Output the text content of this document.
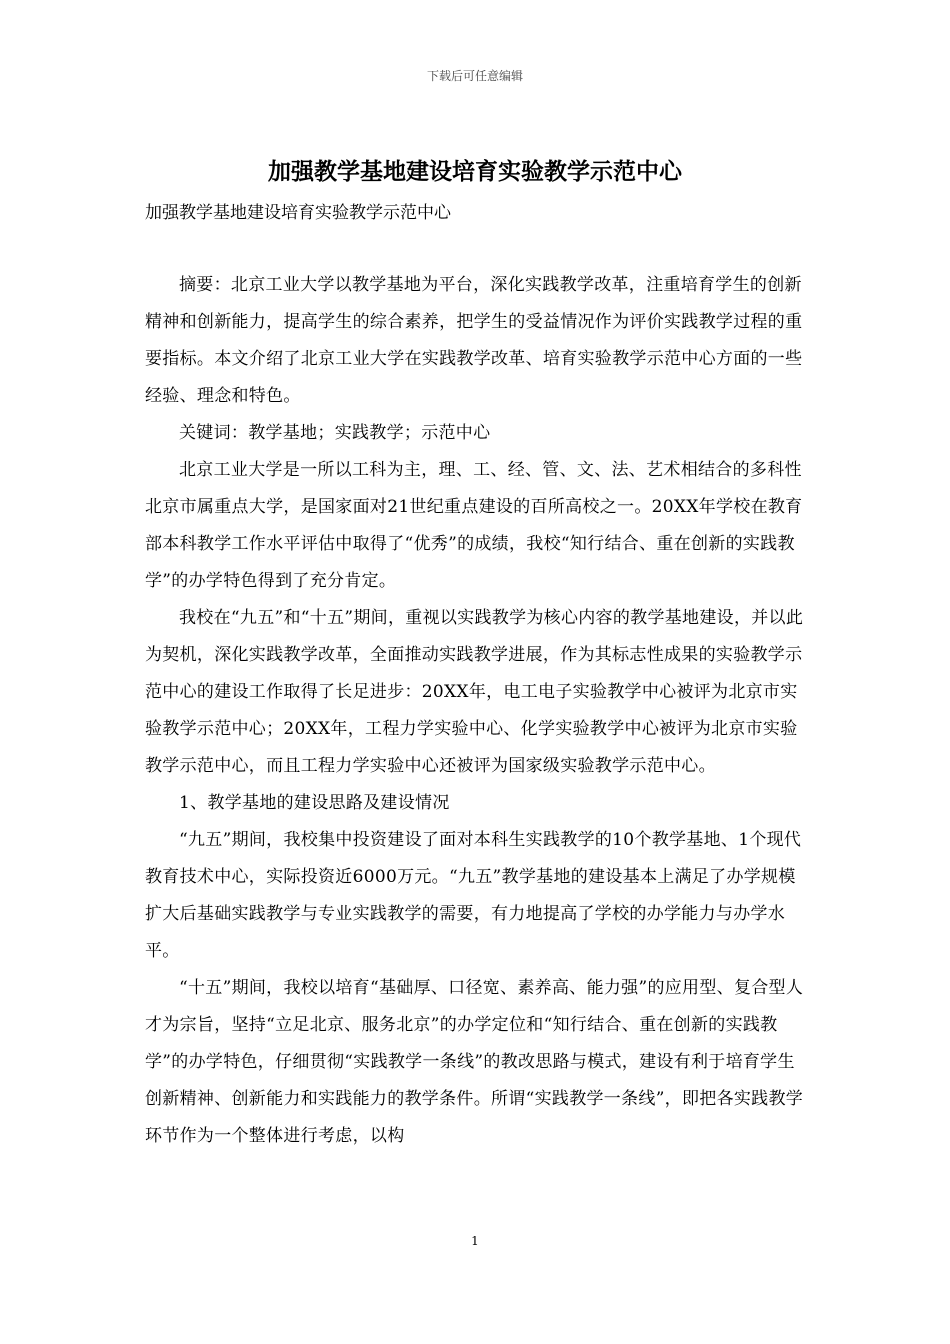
下载后可任意编辑
加强教学基地建设培育实验教学示范中心

加强教学基地建设培育实验教学示范中心

摘要：北京工业大学以教学基地为平台，深化实践教学改革，注重培育学生的创新精神和创新能力，提高学生的综合素养，把学生的受益情况作为评价实践教学过程的重要指标。本文介绍了北京工业大学在实践教学改革、培育实验教学示范中心方面的一些经验、理念和特色。

关键词：教学基地；实践教学；示范中心

北京工业大学是一所以工科为主，理、工、经、管、文、法、艺术相结合的多科性北京市属重点大学，是国家面对21世纪重点建设的百所高校之一。20XX年学校在教育部本科教学工作水平评估中取得了“优秀”的成绩，我校“知行结合、重在创新的实践教学”的办学特色得到了充分肯定。

我校在“九五”和“十五”期间，重视以实践教学为核心内容的教学基地建设，并以此为契机，深化实践教学改革，全面推动实践教学进展，作为其标志性成果的实验教学示范中心的建设工作取得了长足进步：20XX年，电工电子实验教学中心被评为北京市实验教学示范中心；20XX年，工程力学实验中心、化学实验教学中心被评为北京市实验教学示范中心，而且工程力学实验中心还被评为国家级实验教学示范中心。

1、教学基地的建设思路及建设情况

“九五”期间，我校集中投资建设了面对本科生实践教学的10个教学基地、1个现代教育技术中心，实际投资近6000万元。“九五”教学基地的建设基本上满足了办学规模扩大后基础实践教学与专业实践教学的需要，有力地提高了学校的办学能力与办学水平。

“十五”期间，我校以培育“基础厚、口径宽、素养高、能力强”的应用型、复合型人才为宗旨，坚持“立足北京、服务北京”的办学定位和“知行结合、重在创新的实践教学”的办学特色，仔细贯彻“实践教学一条线”的教改思路与模式，建设有利于培育学生创新精神、创新能力和实践能力的教学条件。所谓“实践教学一条线”，即把各实践教学环节作为一个整体进行考虑，以构

1
